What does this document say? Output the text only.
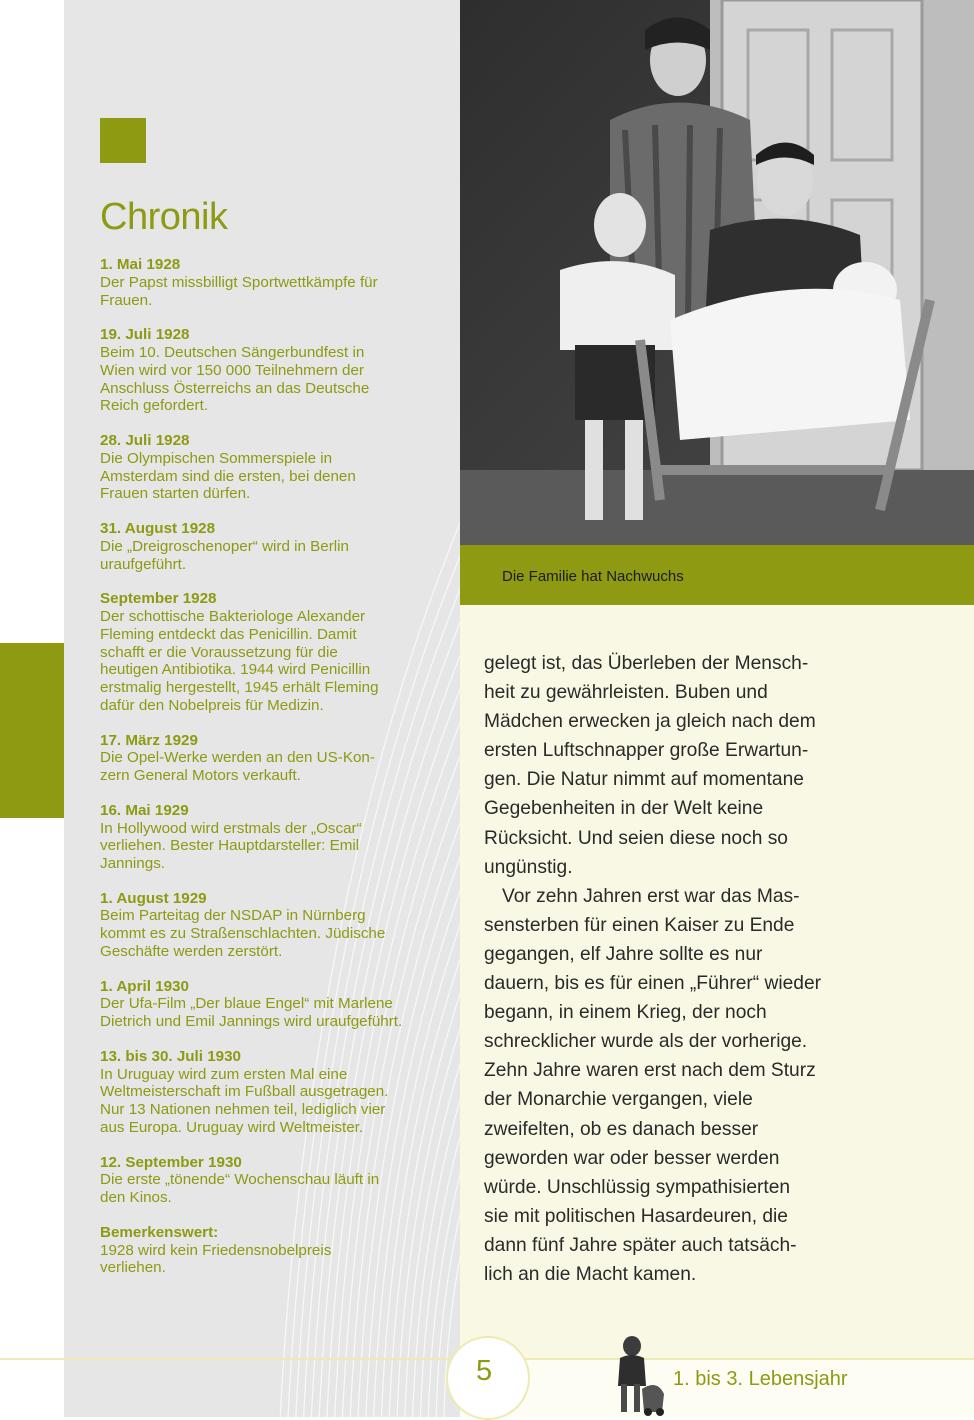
Chronik
1. Mai 1928
Der Papst missbilligt Sportwettkämpfe für
Frauen.
19. Juli 1928
Beim 10. Deutschen Sängerbundfest in
Wien wird vor 150 000 Teilnehmern der
Anschluss Österreichs an das Deutsche
Reich gefordert.
28. Juli 1928
Die Olympischen Sommerspiele in
Amsterdam sind die ersten, bei denen
Frauen starten dürfen.
31. August 1928
Die „Dreigroschenoper“ wird in Berlin
uraufgeführt.
September 1928
Der schottische Bakteriologe Alexander
Fleming entdeckt das Penicillin. Damit
schafft er die Voraussetzung für die
heutigen Antibiotika. 1944 wird Penicillin
erstmalig hergestellt, 1945 erhält Fleming
dafür den Nobelpreis für Medizin.
17. März 1929
Die Opel-Werke werden an den US-Kon-
zern General Motors verkauft.
16. Mai 1929
In Hollywood wird erstmals der „Oscar“
verliehen. Bester Hauptdarsteller: Emil
Jannings.
1. August 1929
Beim Parteitag der NSDAP in Nürnberg
kommt es zu Straßenschlachten. Jüdische
Geschäfte werden zerstört.
1. April 1930
Der Ufa-Film „Der blaue Engel“ mit Marlene
Dietrich und Emil Jannings wird uraufgeführt.
13. bis 30. Juli 1930
In Uruguay wird zum ersten Mal eine
Weltmeisterschaft im Fußball ausgetragen.
Nur 13 Nationen nehmen teil, lediglich vier
aus Europa. Uruguay wird Weltmeister.
12. September 1930
Die erste „tönende“ Wochenschau läuft in
den Kinos.
Bemerkenswert:
1928 wird kein Friedensnobelpreis
verliehen.
Die Familie hat Nachwuchs

gelegt ist, das Überleben der Mensch-
heit zu gewährleisten. Buben und
Mädchen erwecken ja gleich nach dem
ersten Luftschnapper große Erwartun-
gen. Die Natur nimmt auf momentane
Gegebenheiten in der Welt keine
Rücksicht. Und seien diese noch so
ungünstig.

Vor zehn Jahren erst war das Mas-
sensterben für einen Kaiser zu Ende
gegangen, elf Jahre sollte es nur
dauern, bis es für einen „Führer“ wieder
begann, in einem Krieg, der noch
schrecklicher wurde als der vorherige.
Zehn Jahre waren erst nach dem Sturz
der Monarchie vergangen, viele
zweifelten, ob es danach besser
geworden war oder besser werden
würde. Unschlüssig sympathisierten
sie mit politischen Hasardeuren, die
dann fünf Jahre später auch tatsäch-
lich an die Macht kamen.

5	1. bis 3. Lebensjahr
